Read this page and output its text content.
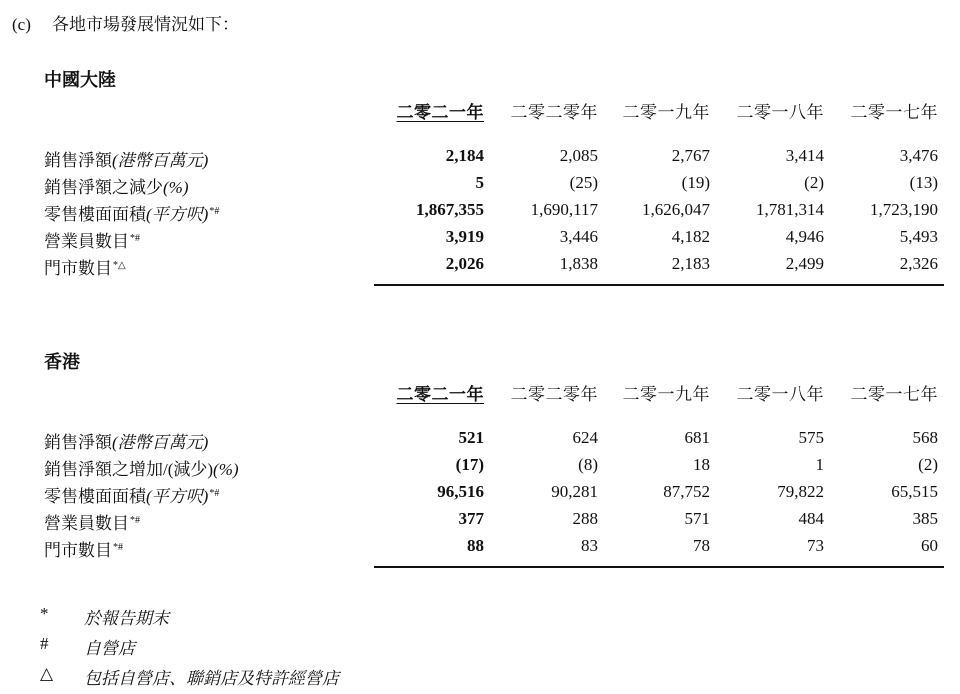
(c) 各地市場發展情況如下：
中國大陸
二零二一年	二零二零年	二零一九年	二零一八年	二零一七年
銷售淨額(港幣百萬元)	2,184	2,085	2,767	3,414	3,476
銷售淨額之減少(%)	5	(25)	(19)	(2)	(13)
零售樓面面積(平方呎)*#	1,867,355	1,690,117	1,626,047	1,781,314	1,723,190
營業員數目*#	3,919	3,446	4,182	4,946	5,493
門市數目*△	2,026	1,838	2,183	2,499	2,326
香港
二零二一年	二零二零年	二零一九年	二零一八年	二零一七年
銷售淨額(港幣百萬元)	521	624	681	575	568
銷售淨額之增加/(減少)(%)	(17)	(8)	18	1	(2)
零售樓面面積(平方呎)*#	96,516	90,281	87,752	79,822	65,515
營業員數目*#	377	288	571	484	385
門市數目*#	88	83	78	73	60
*	於報告期末
#	自營店
△	包括自營店、聯銷店及特許經營店
